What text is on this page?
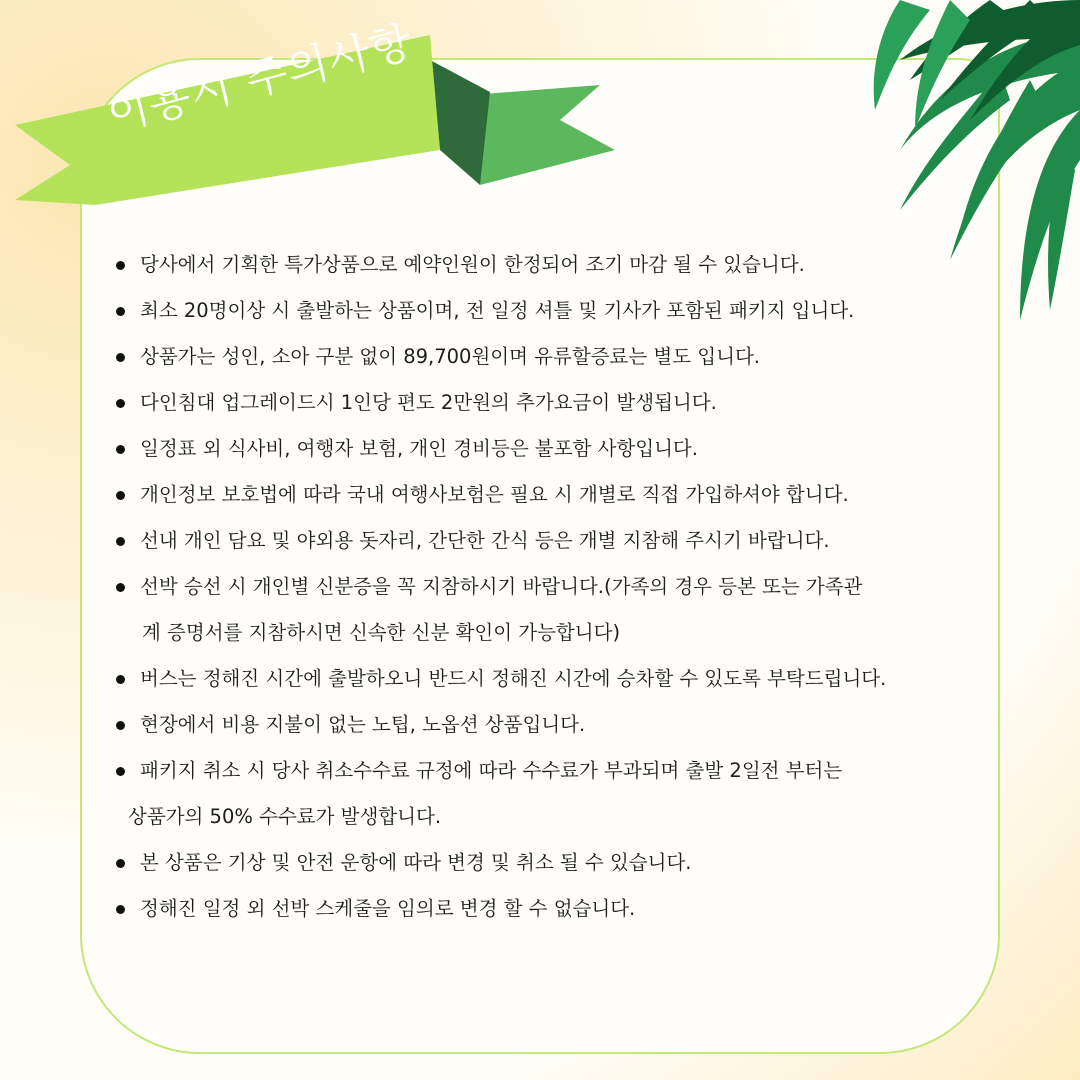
이용시 주의사항
당사에서 기획한 특가상품으로 예약인원이 한정되어 조기 마감 될 수 있습니다.
최소 20명이상 시 출발하는 상품이며, 전 일정 셔틀 및 기사가 포함된 패키지 입니다.
상품가는 성인, 소아 구분 없이 89,700원이며 유류할증료는 별도 입니다.
다인침대 업그레이드시 1인당 편도 2만원의 추가요금이 발생됩니다.
일정표 외 식사비, 여행자 보험, 개인 경비등은 불포함 사항입니다.
개인정보 보호법에 따라 국내 여행사보험은 필요 시 개별로 직접 가입하셔야 합니다.
선내 개인 담요 및 야외용 돗자리, 간단한 간식 등은 개별 지참해 주시기 바랍니다.
선박 승선 시 개인별 신분증을 꼭 지참하시기 바랍니다.(가족의 경우 등본 또는 가족관
계 증명서를 지참하시면 신속한 신분 확인이 가능합니다)
버스는 정해진 시간에 출발하오니 반드시 정해진 시간에 승차할 수 있도록 부탁드립니다.
현장에서 비용 지불이 없는 노팁, 노옵션 상품입니다.
패키지 취소 시 당사 취소수수료 규정에 따라 수수료가 부과되며 출발 2일전 부터는
상품가의 50% 수수료가 발생합니다.
본 상품은 기상 및 안전 운항에 따라 변경 및 취소 될 수 있습니다.
정해진 일정 외 선박 스케줄을 임의로 변경 할 수 없습니다.
